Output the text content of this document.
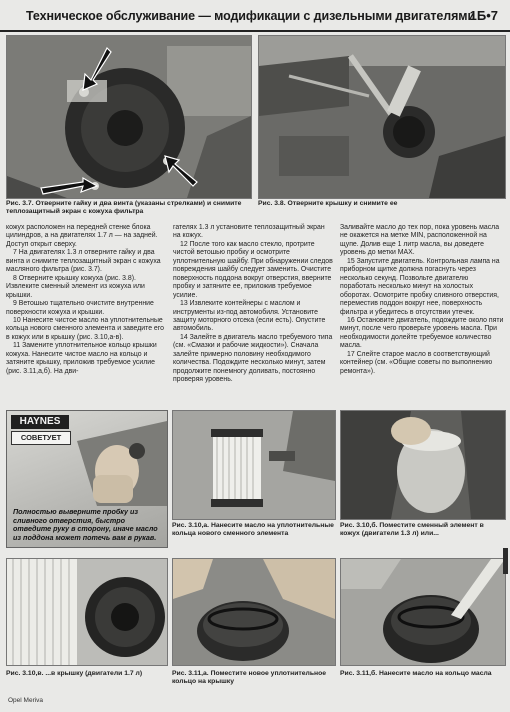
Техническое обслуживание — модификации с дизельными двигателями
1Б•7
Рис. 3.7. Отверните гайку и два винта (указаны стрелками) и снимите теплозащитный экран с кожуха фильтра
Рис. 3.8. Отверните крышку и снимите ее

кожух расположен на передней стенке блока цилиндров, а на двигателях 1.7 л — на задней. Доступ открыт сверху.

7 На двигателях 1.3 л отверните гайку и два винта и снимите теплозащитный экран с кожуха масляного фильтра (рис. 3.7).

8 Отверните крышку кожуха (рис. 3.8). Извлеките сменный элемент из кожуха или крышки.

9 Ветошью тщательно очистите внутренние поверхности кожуха и крышки.

10 Нанесите чистое масло на уплотнительные кольца нового сменного элемента и заведите его в кожух или в крышку (рис. 3.10,а-в).

11 Замените уплотнительное кольцо крышки кожуха. Нанесите чистое масло на кольцо и затяните крышку, приложив требуемое усилие (рис. 3.11,а,б). На дви-

гателях 1.3 л установите теплозащитный экран на кожух.

12 После того как масло стекло, протрите чистой ветошью пробку и осмотрите уплотнительную шайбу. При обнаружении следов повреждения шайбу следует заменить. Очистите поверхность поддона вокруг отверстия, вверните пробку и затяните ее, приложив требуемое усилие.

13 Извлеките контейнеры с маслом и инструменты из-под автомобиля. Установите защиту моторного отсека (если есть). Опустите автомобиль.

14 Залейте в двигатель масло требуемого типа (см. «Смазки и рабочие жидкости»). Сначала залейте примерно половину необходимого количества. Подождите несколько минут, затем продолжите понемногу доливать, постоянно проверяя уровень.

Заливайте масло до тех пор, пока уровень масла не окажется на метке MIN, расположенной на щупе. Долив еще 1 литр масла, вы доведете уровень до метки MAX.

15 Запустите двигатель. Контрольная лампа на приборном щитке должна погаснуть через несколько секунд. Позвольте двигателю поработать несколько минут на холостых оборотах. Осмотрите пробку сливного отверстия, переместив поддон вокруг нее, поверхность фильтра и убедитесь в отсутствии утечек.

16 Остановите двигатель, подождите около пяти минут, после чего проверьте уровень масла. При необходимости долейте требуемое количество масла.

17 Слейте старое масло в соответствующий контейнер (см. «Общие советы по выполнению ремонта»).

HAYNES
СОВЕТУЕТ
Полностью выверните пробку из сливного отверстия, быстро отведите руку в сторону, иначе масло из поддона может потечь вам в рукав.
Рис. 3.10,а. Нанесите масло на уплотнительные кольца нового сменного элемента
Рис. 3.10,б. Поместите сменный элемент в кожух (двигатели 1.3 л) или...
Рис. 3.10,в. ...в крышку (двигатели 1.7 л)	Рис. 3.11,а. Поместите новое уплотнительное кольцо на крышку
Рис. 3.11,б. Нанесите масло на кольцо масла
Opel Meriva
